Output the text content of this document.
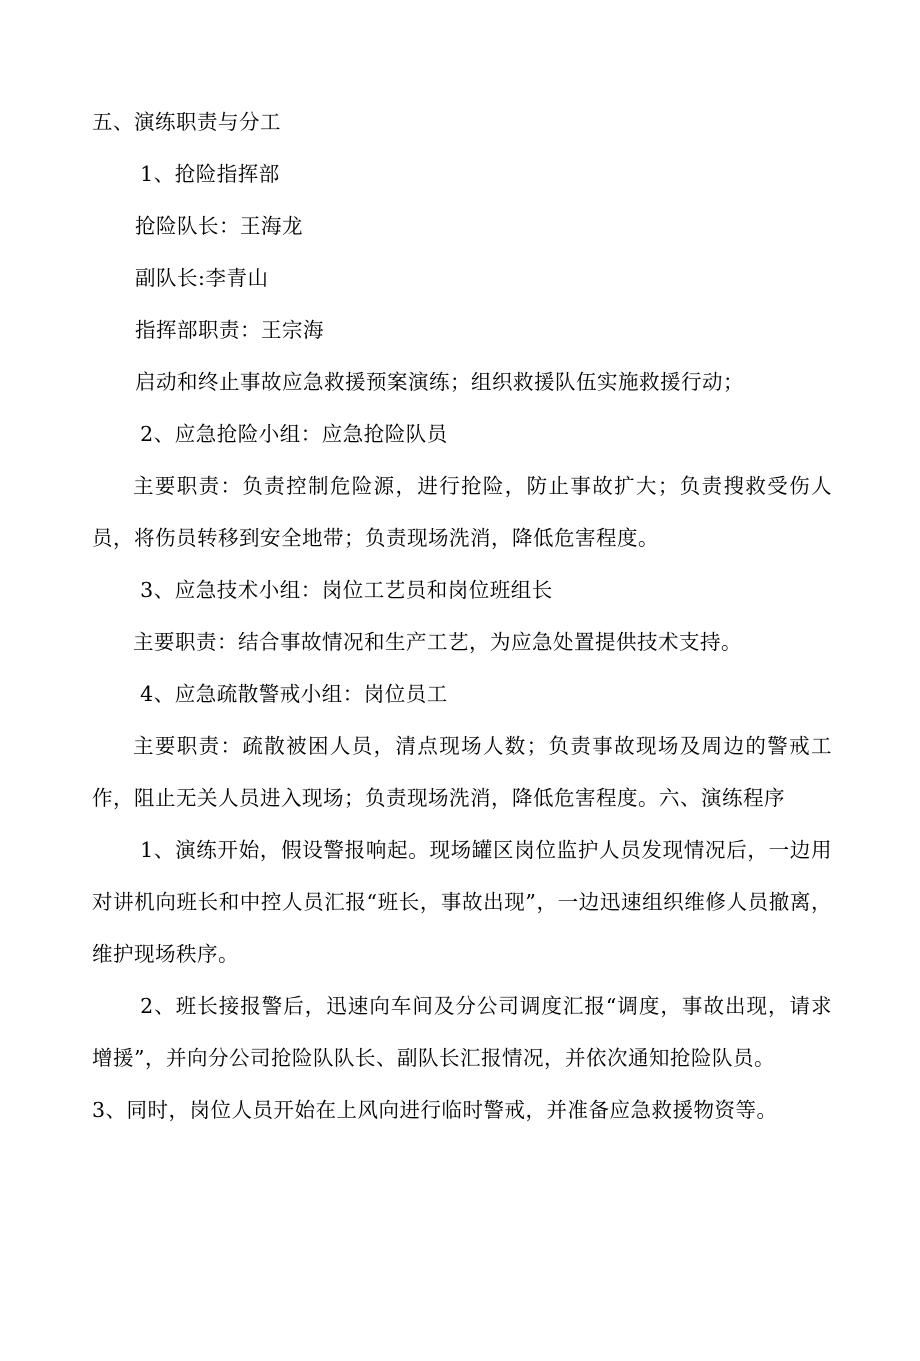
五、演练职责与分工

1、抢险指挥部

抢险队长：王海龙

副队长:李青山

指挥部职责：王宗海

启动和终止事故应急救援预案演练；组织救援队伍实施救援行动；

2、应急抢险小组：应急抢险队员

主要职责：负责控制危险源，进行抢险，防止事故扩大；负责搜救受伤人员，将伤员转移到安全地带；负责现场洗消，降低危害程度。

3、应急技术小组：岗位工艺员和岗位班组长

主要职责：结合事故情况和生产工艺，为应急处置提供技术支持。

4、应急疏散警戒小组：岗位员工

主要职责：疏散被困人员，清点现场人数；负责事故现场及周边的警戒工作，阻止无关人员进入现场；负责现场洗消，降低危害程度。六、演练程序

1、演练开始，假设警报响起。现场罐区岗位监护人员发现情况后，一边用对讲机向班长和中控人员汇报“班长，事故出现”，一边迅速组织维修人员撤离，维护现场秩序。

2、班长接报警后，迅速向车间及分公司调度汇报“调度，事故出现，请求增援”，并向分公司抢险队队长、副队长汇报情况，并依次通知抢险队员。

3、同时，岗位人员开始在上风向进行临时警戒，并准备应急救援物资等。
